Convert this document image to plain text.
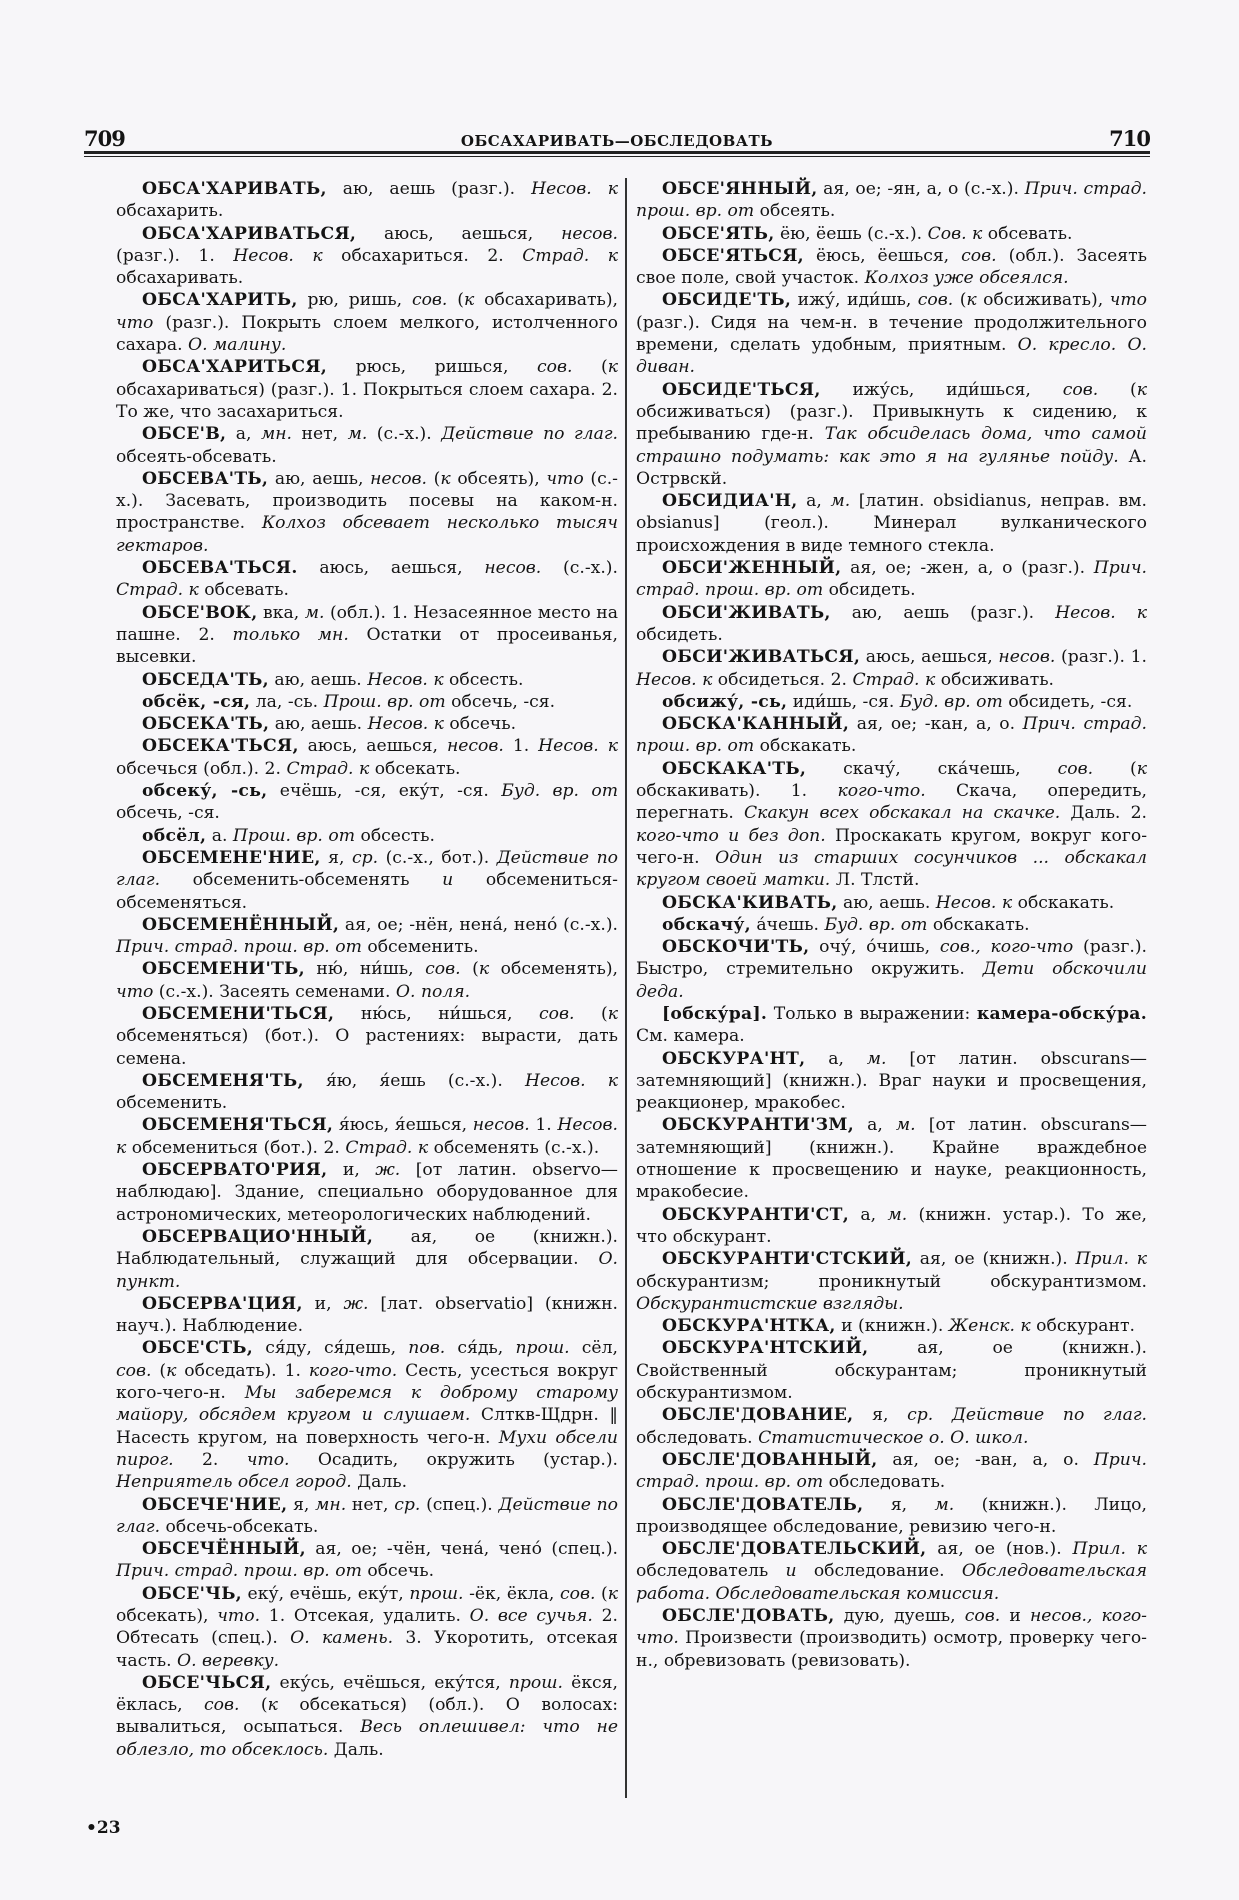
709	ОБСАХАРИВАТЬ—ОБСЛЕДОВАТЬ	710

ОБСА'ХАРИВАТЬ, аю, аешь (разг.). Несов. к обсахарить.

ОБСА'ХАРИВАТЬСЯ, аюсь, аешься, несов. (разг.). 1. Несов. к обсахариться. 2. Страд. к обсахаривать.

ОБСА'ХАРИТЬ, рю, ришь, сов. (к обсахаривать), что (разг.). Покрыть слоем мелкого, истолченного сахара. О. малину.

ОБСА'ХАРИТЬСЯ, рюсь, ришься, сов. (к обсахариваться) (разг.). 1. Покрыться слоем сахара. 2. То же, что засахариться.

ОБСЕ'В, а, мн. нет, м. (с.-х.). Действие по глаг. обсеять-обсевать.

ОБСЕВА'ТЬ, аю, аешь, несов. (к обсеять), что (с.-х.). Засевать, производить посевы на каком-н. пространстве. Колхоз обсевает несколько тысяч гектаров.

ОБСЕВА'ТЬСЯ. аюсь, аешься, несов. (с.-х.). Страд. к обсевать.

ОБСЕ'ВОК, вка, м. (обл.). 1. Незасеянное место на пашне. 2. только мн. Остатки от просеиванья, высевки.

ОБСЕДА'ТЬ, аю, аешь. Несов. к обсесть.

обсёк, -ся, ла, -сь. Прош. вр. от обсечь, -ся.

ОБСЕКА'ТЬ, аю, аешь. Несов. к обсечь.

ОБСЕКА'ТЬСЯ, аюсь, аешься, несов. 1. Несов. к обсечься (обл.). 2. Страд. к обсекать.

обсеку́, -сь, ечёшь, -ся, еку́т, -ся. Буд. вр. от обсечь, -ся.

обсёл, а. Прош. вр. от обсесть.

ОБСЕМЕНЕ'НИЕ, я, ср. (с.-х., бот.). Действие по глаг. обсеменить-обсеменять и обсемениться-обсеменяться.

ОБСЕМЕНЁННЫЙ, ая, ое; -нён, нена́, нено́ (с.-х.). Прич. страд. прош. вр. от обсеменить.

ОБСЕМЕНИ'ТЬ, ню́, ни́шь, сов. (к обсеменять), что (с.-х.). Засеять семенами. О. поля.

ОБСЕМЕНИ'ТЬСЯ, ню́сь, ни́шься, сов. (к обсеменяться) (бот.). О растениях: вырасти, дать семена.

ОБСЕМЕНЯ'ТЬ, я́ю, я́ешь (с.-х.). Несов. к обсеменить.

ОБСЕМЕНЯ'ТЬСЯ, я́юсь, я́ешься, несов. 1. Несов. к обсемениться (бот.). 2. Страд. к обсеменять (с.-х.).

ОБСЕРВАТО'РИЯ, и, ж. [от латин. observo—наблюдаю]. Здание, специально оборудованное для астрономических, метеорологических наблюдений.

ОБСЕРВАЦИО'ННЫЙ, ая, ое (книжн.). Наблюдательный, служащий для обсервации. О. пункт.

ОБСЕРВА'ЦИЯ, и, ж. [лат. observatio] (книжн. науч.). Наблюдение.

ОБСЕ'СТЬ, ся́ду, ся́дешь, пов. ся́дь, прош. сёл, сов. (к обседать). 1. кого-что. Сесть, усесться вокруг кого-чего-н. Мы заберемся к доброму старому майору, обсядем кругом и слушаем. Слткв-Щдрн. ‖ Насесть кругом, на поверхность чего-н. Мухи обсели пирог. 2. что. Осадить, окружить (устар.). Неприятель обсел город. Даль.

ОБСЕЧЕ'НИЕ, я, мн. нет, ср. (спец.). Действие по глаг. обсечь-обсекать.

ОБСЕЧЁННЫЙ, ая, ое; -чён, чена́, чено́ (спец.). Прич. страд. прош. вр. от обсечь.

ОБСЕ'ЧЬ, еку́, ечёшь, еку́т, прош. -ёк, ёкла, сов. (к обсекать), что. 1. Отсекая, удалить. О. все сучья. 2. Обтесать (спец.). О. камень. 3. Укоротить, отсекая часть. О. веревку.

ОБСЕ'ЧЬСЯ, еку́сь, ечёшься, еку́тся, прош. ёкся, ёклась, сов. (к обсекаться) (обл.). О волосах: вывалиться, осыпаться. Весь оплешивел: что не облезло, то обсеклось. Даль.

ОБСЕ'ЯННЫЙ, ая, ое; -ян, а, о (с.-х.). Прич. страд. прош. вр. от обсеять.

ОБСЕ'ЯТЬ, ёю, ёешь (с.-х.). Сов. к обсевать.

ОБСЕ'ЯТЬСЯ, ёюсь, ёешься, сов. (обл.). Засеять свое поле, свой участок. Колхоз уже обсеялся.

ОБСИДЕ'ТЬ, ижу́, иди́шь, сов. (к обсиживать), что (разг.). Сидя на чем-н. в течение продолжительного времени, сделать удобным, приятным. О. кресло. О. диван.

ОБСИДЕ'ТЬСЯ, ижу́сь, иди́шься, сов. (к обсиживаться) (разг.). Привыкнуть к сидению, к пребыванию где-н. Так обсиделась дома, что самой страшно подумать: как это я на гулянье пойду. А. Острвскй.

ОБСИДИА'Н, а, м. [латин. obsidianus, неправ. вм. obsianus] (геол.). Минерал вулканического происхождения в виде темного стекла.

ОБСИ'ЖЕННЫЙ, ая, ое; -жен, а, о (разг.). Прич. страд. прош. вр. от обсидеть.

ОБСИ'ЖИВАТЬ, аю, аешь (разг.). Несов. к обсидеть.

ОБСИ'ЖИВАТЬСЯ, аюсь, аешься, несов. (разг.). 1. Несов. к обсидеться. 2. Страд. к обсиживать.

обсижу́, -сь, иди́шь, -ся. Буд. вр. от обсидеть, -ся.

ОБСКА'КАННЫЙ, ая, ое; -кан, а, о. Прич. страд. прош. вр. от обскакать.

ОБСКАКА'ТЬ, скачу́, ска́чешь, сов. (к обскакивать). 1. кого-что. Скача, опередить, перегнать. Скакун всех обскакал на скачке. Даль. 2. кого-что и без доп. Проскакать кругом, вокруг кого-чего-н. Один из старших сосунчиков ... обскакал кругом своей матки. Л. Тлстй.

ОБСКА'КИВАТЬ, аю, аешь. Несов. к обскакать.

обскачу́, а́чешь. Буд. вр. от обскакать.

ОБСКОЧИ'ТЬ, очу́, о́чишь, сов., кого-что (разг.). Быстро, стремительно окружить. Дети обскочили деда.

[обску́ра]. Только в выражении: камера-обску́ра. См. камера.

ОБСКУРА'НТ, а, м. [от латин. obscurans—затемняющий] (книжн.). Враг науки и просвещения, реакционер, мракобес.

ОБСКУРАНТИ'ЗМ, а, м. [от латин. obscurans—затемняющий] (книжн.). Крайне враждебное отношение к просвещению и науке, реакционность, мракобесие.

ОБСКУРАНТИ'СТ, а, м. (книжн. устар.). То же, что обскурант.

ОБСКУРАНТИ'СТСКИЙ, ая, ое (книжн.). Прил. к обскурантизм; проникнутый обскурантизмом. Обскурантистские взгляды.

ОБСКУРА'НТКА, и (книжн.). Женск. к обскурант.

ОБСКУРА'НТСКИЙ, ая, ое (книжн.). Свойственный обскурантам; проникнутый обскурантизмом.

ОБСЛЕ'ДОВАНИЕ, я, ср. Действие по глаг. обследовать. Статистическое о. О. школ.

ОБСЛЕ'ДОВАННЫЙ, ая, ое; -ван, а, о. Прич. страд. прош. вр. от обследовать.

ОБСЛЕ'ДОВАТЕЛЬ, я, м. (книжн.). Лицо, производящее обследование, ревизию чего-н.

ОБСЛЕ'ДОВАТЕЛЬСКИЙ, ая, ое (нов.). Прил. к обследователь и обследование. Обследовательская работа. Обследовательская комиссия.

ОБСЛЕ'ДОВАТЬ, дую, дуешь, сов. и несов., кого-что. Произвести (производить) осмотр, проверку чего-н., обревизовать (ревизовать).

•23
